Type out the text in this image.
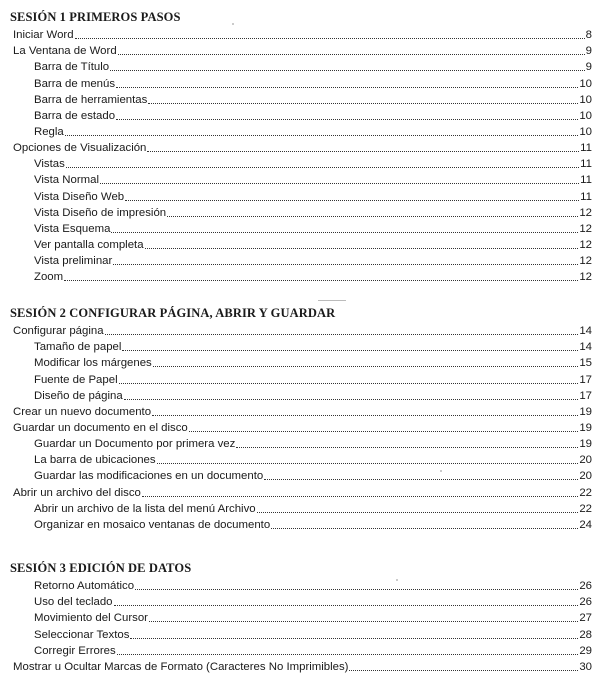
SESIÓN 1 PRIMEROS PASOS
Iniciar Word	8
La Ventana de Word	9
Barra de Título	9
Barra de menús	10
Barra de herramientas	10
Barra de estado	10
Regla	10
Opciones de Visualización	11
Vistas	11
Vista Normal	11
Vista Diseño Web	11
Vista Diseño de impresión	12
Vista Esquema	12
Ver pantalla completa	12
Vista preliminar	12
Zoom	12
SESIÓN 2 CONFIGURAR PÁGINA, ABRIR Y GUARDAR
Configurar página	14
Tamaño de papel	14
Modificar los márgenes	15
Fuente de Papel	17
Diseño de página	17
Crear un nuevo documento	19
Guardar un documento en el disco	19
Guardar un Documento por primera vez	19
La barra de ubicaciones	20
Guardar las modificaciones en un documento	20
Abrir un archivo del disco	22
Abrir un archivo de la lista del menú Archivo	22
Organizar en mosaico ventanas de documento	24
SESIÓN 3 EDICIÓN DE DATOS
Retorno Automático	26
Uso del teclado	26
Movimiento del Cursor	27
Seleccionar Textos	28
Corregir Errores	29
Mostrar u Ocultar Marcas de Formato (Caracteres No Imprimibles)	30
